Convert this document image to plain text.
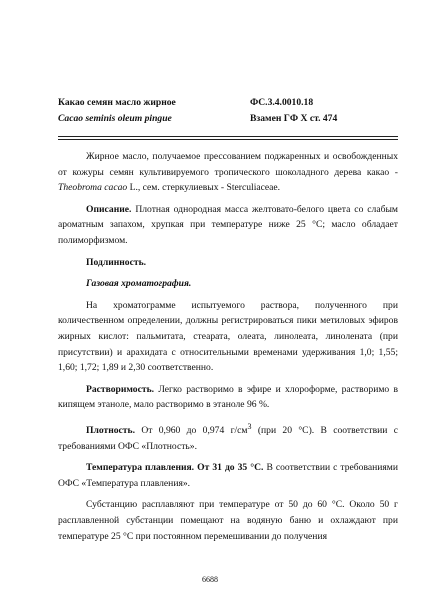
Какао семян масло жирное	ФС.3.4.0010.18
Cacao seminis oleum pingue	Взамен ГФ Х ст. 474

Жирное масло, получаемое прессованием поджаренных и освобожденных от кожуры семян культивируемого тропического шоколадного дерева какао - Theobroma cacao L., сем. стеркулиевых - Sterculiaceae.

Описание. Плотная однородная масса желтовато-белого цвета со слабым ароматным запахом, хрупкая при температуре ниже 25 °С; масло обладает полиморфизмом.

Подлинность.

Газовая хроматография.

На хроматограмме испытуемого раствора, полученного при количественном определении, должны регистрироваться пики метиловых эфиров жирных кислот: пальмитата, стеарата, олеата, линолеата, линолената (при присутствии) и арахидата с относительными временами удерживания 1,0; 1,55; 1,60; 1,72; 1,89 и 2,30 соответственно.

Растворимость. Легко растворимо в эфире и хлороформе, растворимо в кипящем этаноле, мало растворимо в этаноле 96 %.

Плотность. От 0,960 до 0,974 $г/см^3$ (при 20 °С). В соответствии с требованиями ОФС «Плотность».

Температура плавления. От 31 до 35 °С. В соответствии с требованиями ОФС «Температура плавления».

Субстанцию расплавляют при температуре от 50 до 60 °С. Около 50 г расплавленной субстанции помещают на водяную баню и охлаждают при температуре 25 °С при постоянном перемешивании до получения

6688
